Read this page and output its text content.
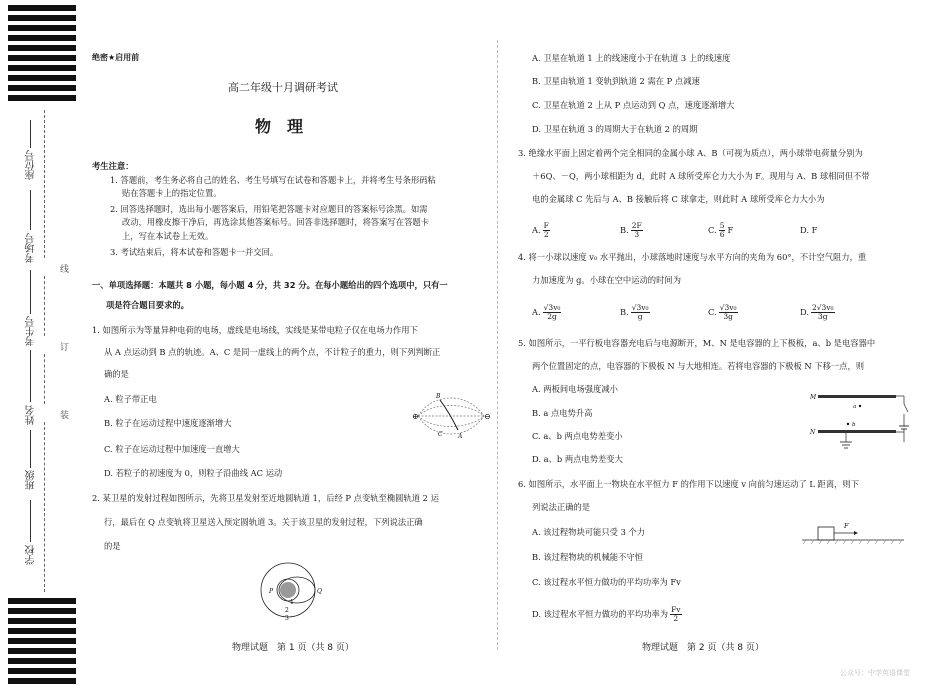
座位号
考场号
考生号
姓名
班级
学校
线
订
装
绝密★启用前
高二年级十月调研考试
物　理
考生注意：
1. 答题前，考生务必将自己的姓名、考生号填写在试卷和答题卡上，并将考生号条形码粘
贴在答题卡上的指定位置。
2. 回答选择题时，选出每小题答案后，用铅笔把答题卡对应题目的答案标号涂黑。如需
改动，用橡皮擦干净后，再选涂其他答案标号。回答非选择题时，将答案写在答题卡
上，写在本试卷上无效。
3. 考试结束后，将本试卷和答题卡一并交回。
一、单项选择题：本题共 8 小题，每小题 4 分，共 32 分。在每小题给出的四个选项中，只有一
项是符合题目要求的。
1. 如图所示为等量异种电荷的电场，虚线是电场线，实线是某带电粒子仅在电场力作用下
从 A 点运动到 B 点的轨迹。A、C 是同一虚线上的两个点，不计粒子的重力，则下列判断正
确的是
A. 粒子带正电
B. 粒子在运动过程中速度逐渐增大
C. 粒子在运动过程中加速度一直增大
D. 若粒子的初速度为 0，则粒子沿曲线 AC 运动
⊕	⊖
B
A
C
2. 某卫星的发射过程如图所示，先将卫星发射至近地圆轨道 1，后经 P 点变轨至椭圆轨道 2 运
行，最后在 Q 点变轨将卫星送入预定圆轨道 3。关于该卫星的发射过程，下列说法正确
的是
P	Q
1
2
3
物理试题　第 1 页（共 8 页）
A. 卫星在轨道 1 上的线速度小于在轨道 3 上的线速度
B. 卫星由轨道 1 变轨到轨道 2 需在 P 点减速
C. 卫星在轨道 2 上从 P 点运动到 Q 点，速度逐渐增大
D. 卫星在轨道 3 的周期大于在轨道 2 的周期
3. 绝缘水平面上固定着两个完全相同的金属小球 A、B（可视为质点），两小球带电荷量分别为
＋6Q、－Q，两小球相距为 d，此时 A 球所受库仑力大小为 F。现用与 A、B 球相同但不带
电的金属球 C 先后与 A、B 接触后将 C 球拿走，则此时 A 球所受库仑力大小为
A. $\frac{F}{2}$	B. $\frac{2F}{3}$	C. $\frac{5}{6}$ F	D. F
4. 将一小球以速度 v₀ 水平抛出，小球落地时速度与水平方向的夹角为 60°，不计空气阻力，重
力加速度为 g。小球在空中运动的时间为
A. $\frac{\text{√3v₀}}{2g}$	B. $\frac{\text{√3v₀}}{g}$	C. $\frac{\text{√3v₀}}{3g}$	D. $\frac{\text{2√3v₀}}{3g}$
5. 如图所示，一平行板电容器充电后与电源断开，M、N 是电容器的上下极板，a、b 是电容器中
两个位置固定的点，电容器的下极板 N 与大地相连。若将电容器的下极板 N 下移一点，则
A. 两板间电场强度减小
B. a 点电势升高
C. a、b 两点电势差变小
D. a、b 两点电势差变大
M
a
b
N
6. 如图所示，水平面上一物块在水平恒力 F 的作用下以速度 v 向前匀速运动了 L 距离，则下
列说法正确的是
A. 该过程物块可能只受 3 个力
B. 该过程物块的机械能不守恒
C. 该过程水平恒力做功的平均功率为 Fv
D. 该过程水平恒力做功的平均功率为 $\frac{Fv}{2}$
F
物理试题　第 2 页（共 8 页）
公众号：中学英语课堂
